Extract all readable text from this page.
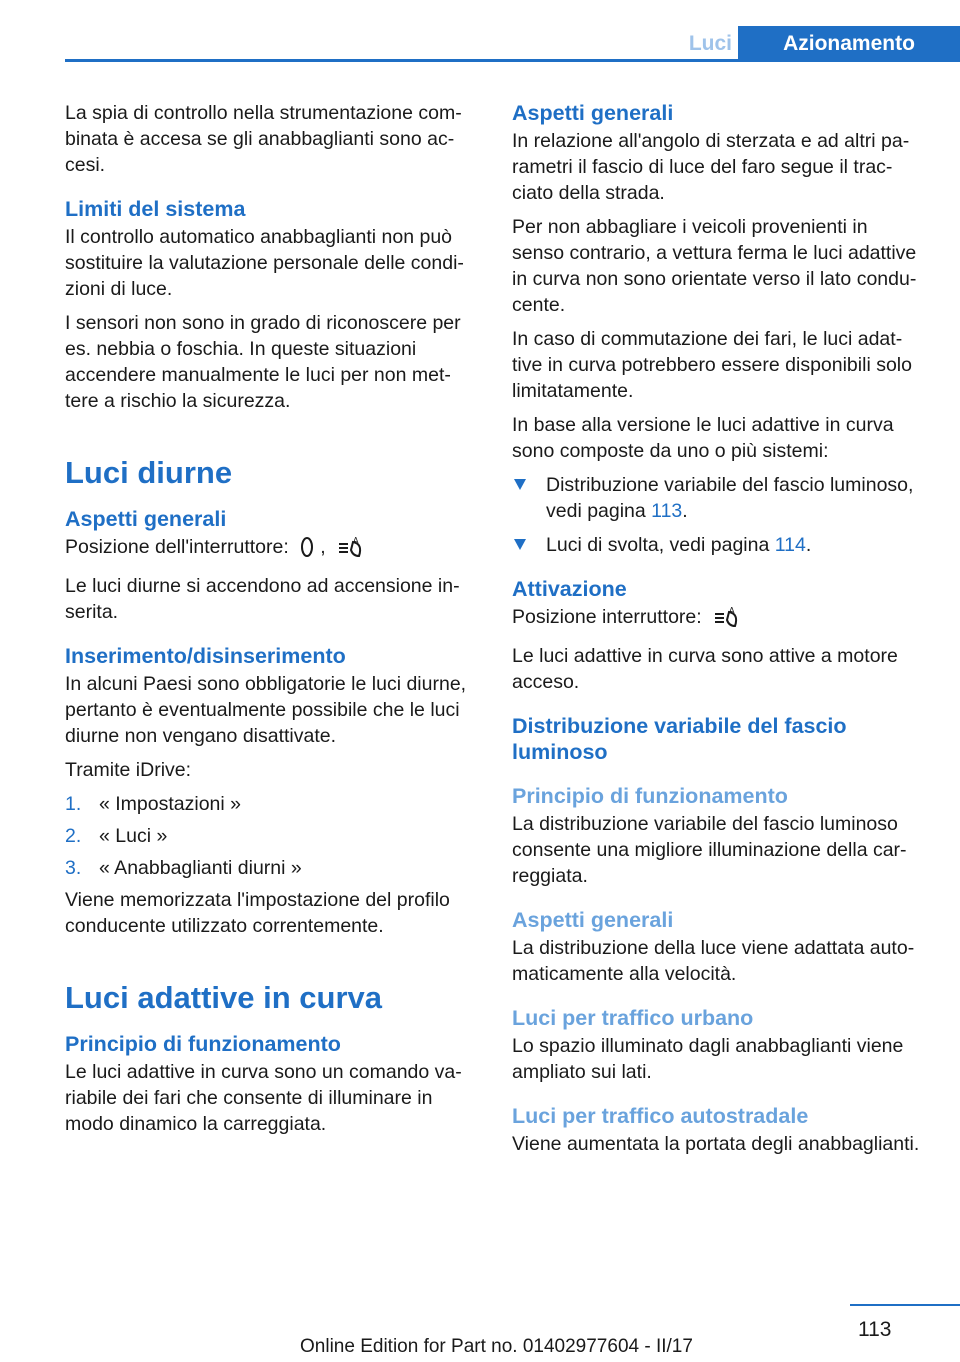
Luci	Azionamento

La spia di controllo nella strumentazione com- binata è accesa se gli anabbaglianti sono ac- cesi.

Limiti del sistema

Il controllo automatico anabbaglianti non può sostituire la valutazione personale delle condi- zioni di luce.

I sensori non sono in grado di riconoscere per es. nebbia o foschia. In queste situazioni accendere manualmente le luci per non met- tere a rischio la sicurezza.

Luci diurne
Aspetti generali

Posizione dell'interruttore: ,	A

Le luci diurne si accendono ad accensione in- serita.

Inserimento/disinserimento

In alcuni Paesi sono obbligatorie le luci diurne, pertanto è eventualmente possibile che le luci diurne non vengano disattivate.

Tramite iDrive:

1. « Impostazioni »
2. « Luci »
3. « Anabbaglianti diurni »

Viene memorizzata l'impostazione del profilo conducente utilizzato correntemente.

Luci adattive in curva
Principio di funzionamento

Le luci adattive in curva sono un comando va- riabile dei fari che consente di illuminare in modo dinamico la carreggiata.

Aspetti generali

In relazione all'angolo di sterzata e ad altri pa- rametri il fascio di luce del faro segue il trac- ciato della strada.

Per non abbagliare i veicoli provenienti in senso contrario, a vettura ferma le luci adattive in curva non sono orientate verso il lato condu- cente.

In caso di commutazione dei fari, le luci adat- tive in curva potrebbero essere disponibili solo limitatamente.

In base alla versione le luci adattive in curva sono composte da uno o più sistemi:

Distribuzione variabile del fascio luminoso, vedi pagina 113.
Luci di svolta, vedi pagina 114.
Attivazione

Posizione interruttore:	A

Le luci adattive in curva sono attive a motore acceso.

Distribuzione variabile del fascio luminoso
Principio di funzionamento

La distribuzione variabile del fascio luminoso consente una migliore illuminazione della car- reggiata.

Aspetti generali

La distribuzione della luce viene adattata auto- maticamente alla velocità.

Luci per traffico urbano

Lo spazio illuminato dagli anabbaglianti viene ampliato sui lati.

Luci per traffico autostradale

Viene aumentata la portata degli anabbaglianti.

113
Online Edition for Part no. 01402977604 - II/17
